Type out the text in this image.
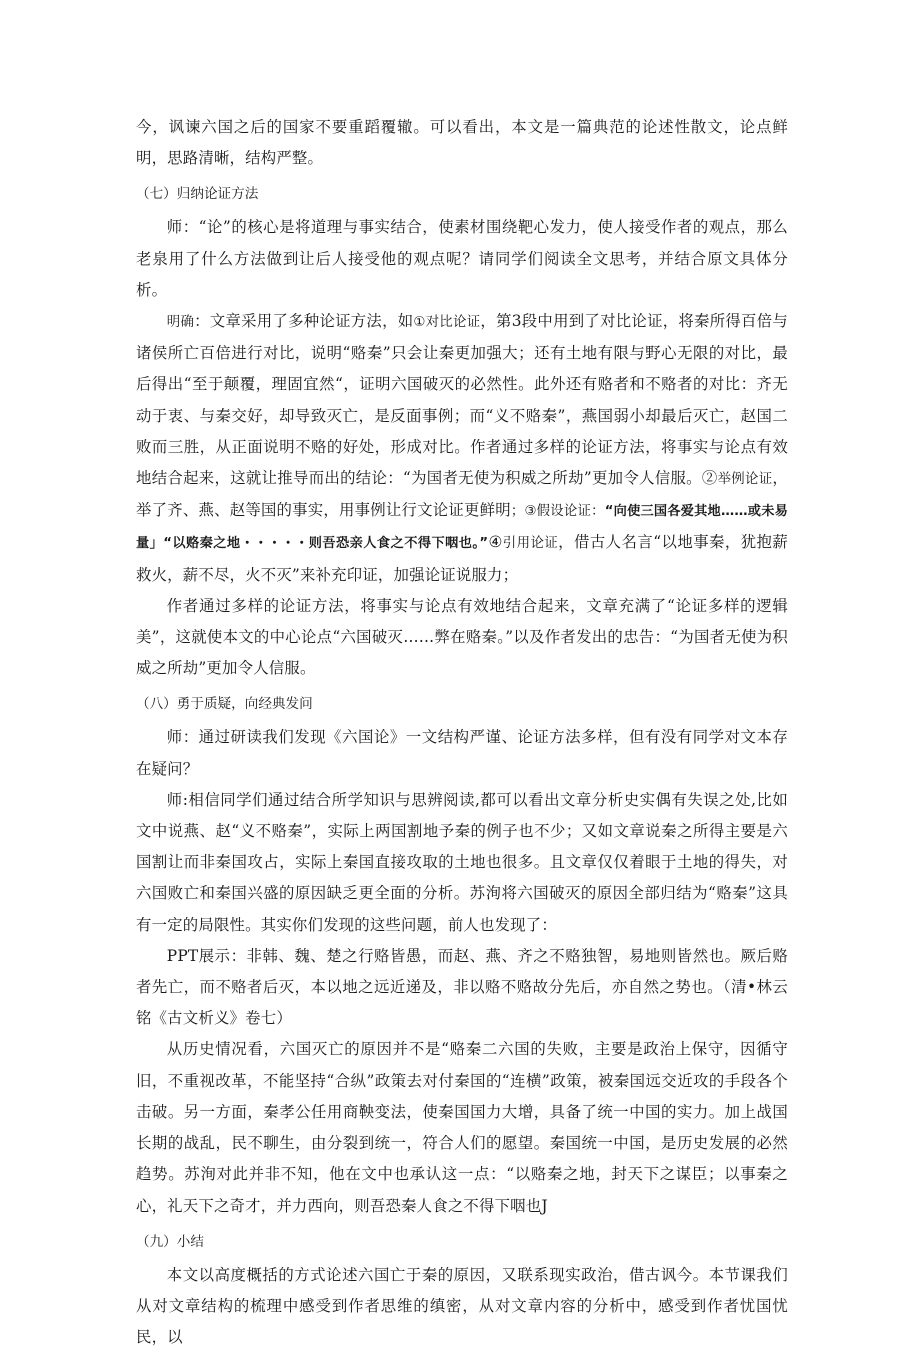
今，讽谏六国之后的国家不要重蹈覆辙。可以看出，本文是一篇典范的论述性散文，论点鲜明，思路清晰，结构严整。

（七）归纳论证方法

师：“论”的核心是将道理与事实结合，使素材围绕靶心发力，使人接受作者的观点，那么老泉用了什么方法做到让后人接受他的观点呢？请同学们阅读全文思考，并结合原文具体分析。

明确：文章采用了多种论证方法，如①对比论证，第3段中用到了对比论证，将秦所得百倍与诸侯所亡百倍进行对比，说明“赂秦”只会让秦更加强大；还有土地有限与野心无限的对比，最后得出“至于颠覆，理固宜然“，证明六国破灭的必然性。此外还有赂者和不赂者的对比：齐无动于衷、与秦交好，却导致灭亡，是反面事例；而“义不赂秦”，燕国弱小却最后灭亡，赵国二败而三胜，从正面说明不赂的好处，形成对比。作者通过多样的论证方法，将事实与论点有效地结合起来，这就让推导而出的结论：“为国者无使为积威之所劫”更加令人信服。②举例论证，举了齐、燕、赵等国的事实，用事例让行文论证更鲜明；③假设论证：“向使三国各爱其地……或未易量」“以赂秦之地・・・・・则吾恐亲人食之不得下咽也。”④引用论证，借古人名言“以地事秦，犹抱薪救火，薪不尽，火不灭”来补充印证，加强论证说服力；

作者通过多样的论证方法，将事实与论点有效地结合起来，文章充满了“论证多样的逻辑美”，这就使本文的中心论点“六国破灭……弊在赂秦。”以及作者发出的忠告：“为国者无使为积威之所劫”更加令人信服。

（八）勇于质疑，向经典发问

师：通过研读我们发现《六国论》一文结构严谨、论证方法多样，但有没有同学对文本存在疑问？

师:相信同学们通过结合所学知识与思辨阅读,都可以看出文章分析史实偶有失误之处,比如文中说燕、赵“义不赂秦”，实际上两国割地予秦的例子也不少；又如文章说秦之所得主要是六国割让而非秦国攻占，实际上秦国直接攻取的土地也很多。且文章仅仅着眼于土地的得失，对六国败亡和秦国兴盛的原因缺乏更全面的分析。苏洵将六国破灭的原因全部归结为“赂秦”这具有一定的局限性。其实你们发现的这些问题，前人也发现了：

PPT展示：非韩、魏、楚之行赂皆愚，而赵、燕、齐之不赂独智，易地则皆然也。厥后赂者先亡，而不赂者后灭，本以地之远近递及，非以赂不赂故分先后，亦自然之势也。（清•林云铭《古文析义》卷七）

从历史情况看，六国灭亡的原因并不是“赂秦二六国的失败，主要是政治上保守，因循守旧，不重视改革，不能坚持“合纵”政策去对付秦国的“连横”政策，被秦国远交近攻的手段各个击破。另一方面，秦孝公任用商鞅变法，使秦国国力大增，具备了统一中国的实力。加上战国长期的战乱，民不聊生，由分裂到统一，符合人们的愿望。秦国统一中国，是历史发展的必然趋势。苏洵对此并非不知，他在文中也承认这一点：“以赂秦之地，封天下之谋臣；以事秦之心，礼天下之奇才，并力西向，则吾恐秦人食之不得下咽也J

（九）小结

本文以高度概括的方式论述六国亡于秦的原因，又联系现实政治，借古讽今。本节课我们从对文章结构的梳理中感受到作者思维的缜密，从对文章内容的分析中，感受到作者忧国忧民，以
